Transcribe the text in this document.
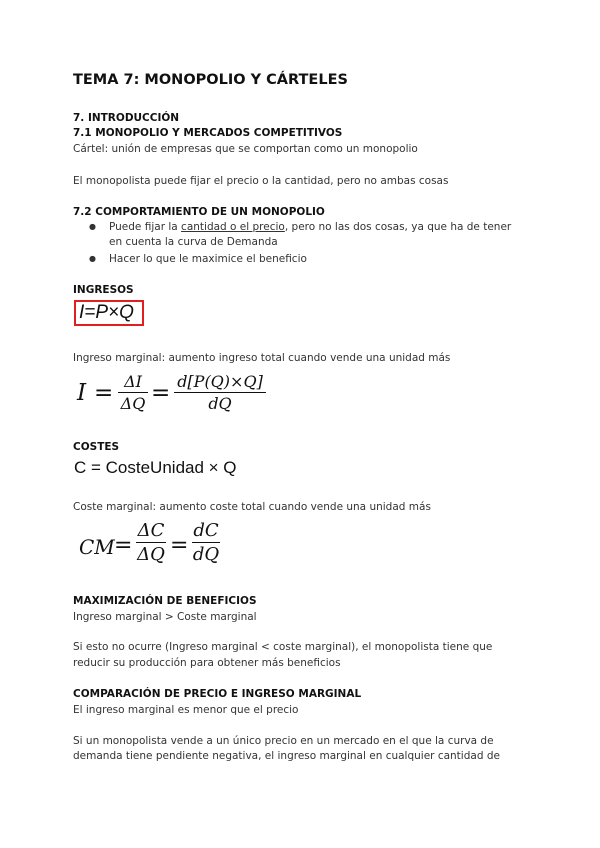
TEMA 7: MONOPOLIO Y CÁRTELES
7. INTRODUCCIÓN
7.1 MONOPOLIO Y MERCADOS COMPETITIVOS
Cártel: unión de empresas que se comportan como un monopolio
El monopolista puede fijar el precio o la cantidad, pero no ambas cosas
7.2 COMPORTAMIENTO DE UN MONOPOLIO
● Puede fijar la cantidad o el precio, pero no las dos cosas, ya que ha de tener
en cuenta la curva de Demanda
● Hacer lo que le maximice el beneficio
INGRESOS
I=P×Q
Ingreso marginal: aumento ingreso total cuando vende una unidad más
I = ΔI
ΔQ = d[P(Q)×Q]
dQ
COSTES
C = CosteUnidad × Q
Coste marginal: aumento coste total cuando vende una unidad más
CM =
ΔC
ΔQ =
dC
dQ
MAXIMIZACIÓN DE BENEFICIOS
Ingreso marginal > Coste marginal
Si esto no ocurre (Ingreso marginal < coste marginal), el monopolista tiene que
reducir su producción para obtener más beneficios
COMPARACIÓN DE PRECIO E INGRESO MARGINAL
El ingreso marginal es menor que el precio
Si un monopolista vende a un único precio en un mercado en el que la curva de
demanda tiene pendiente negativa, el ingreso marginal en cualquier cantidad de
